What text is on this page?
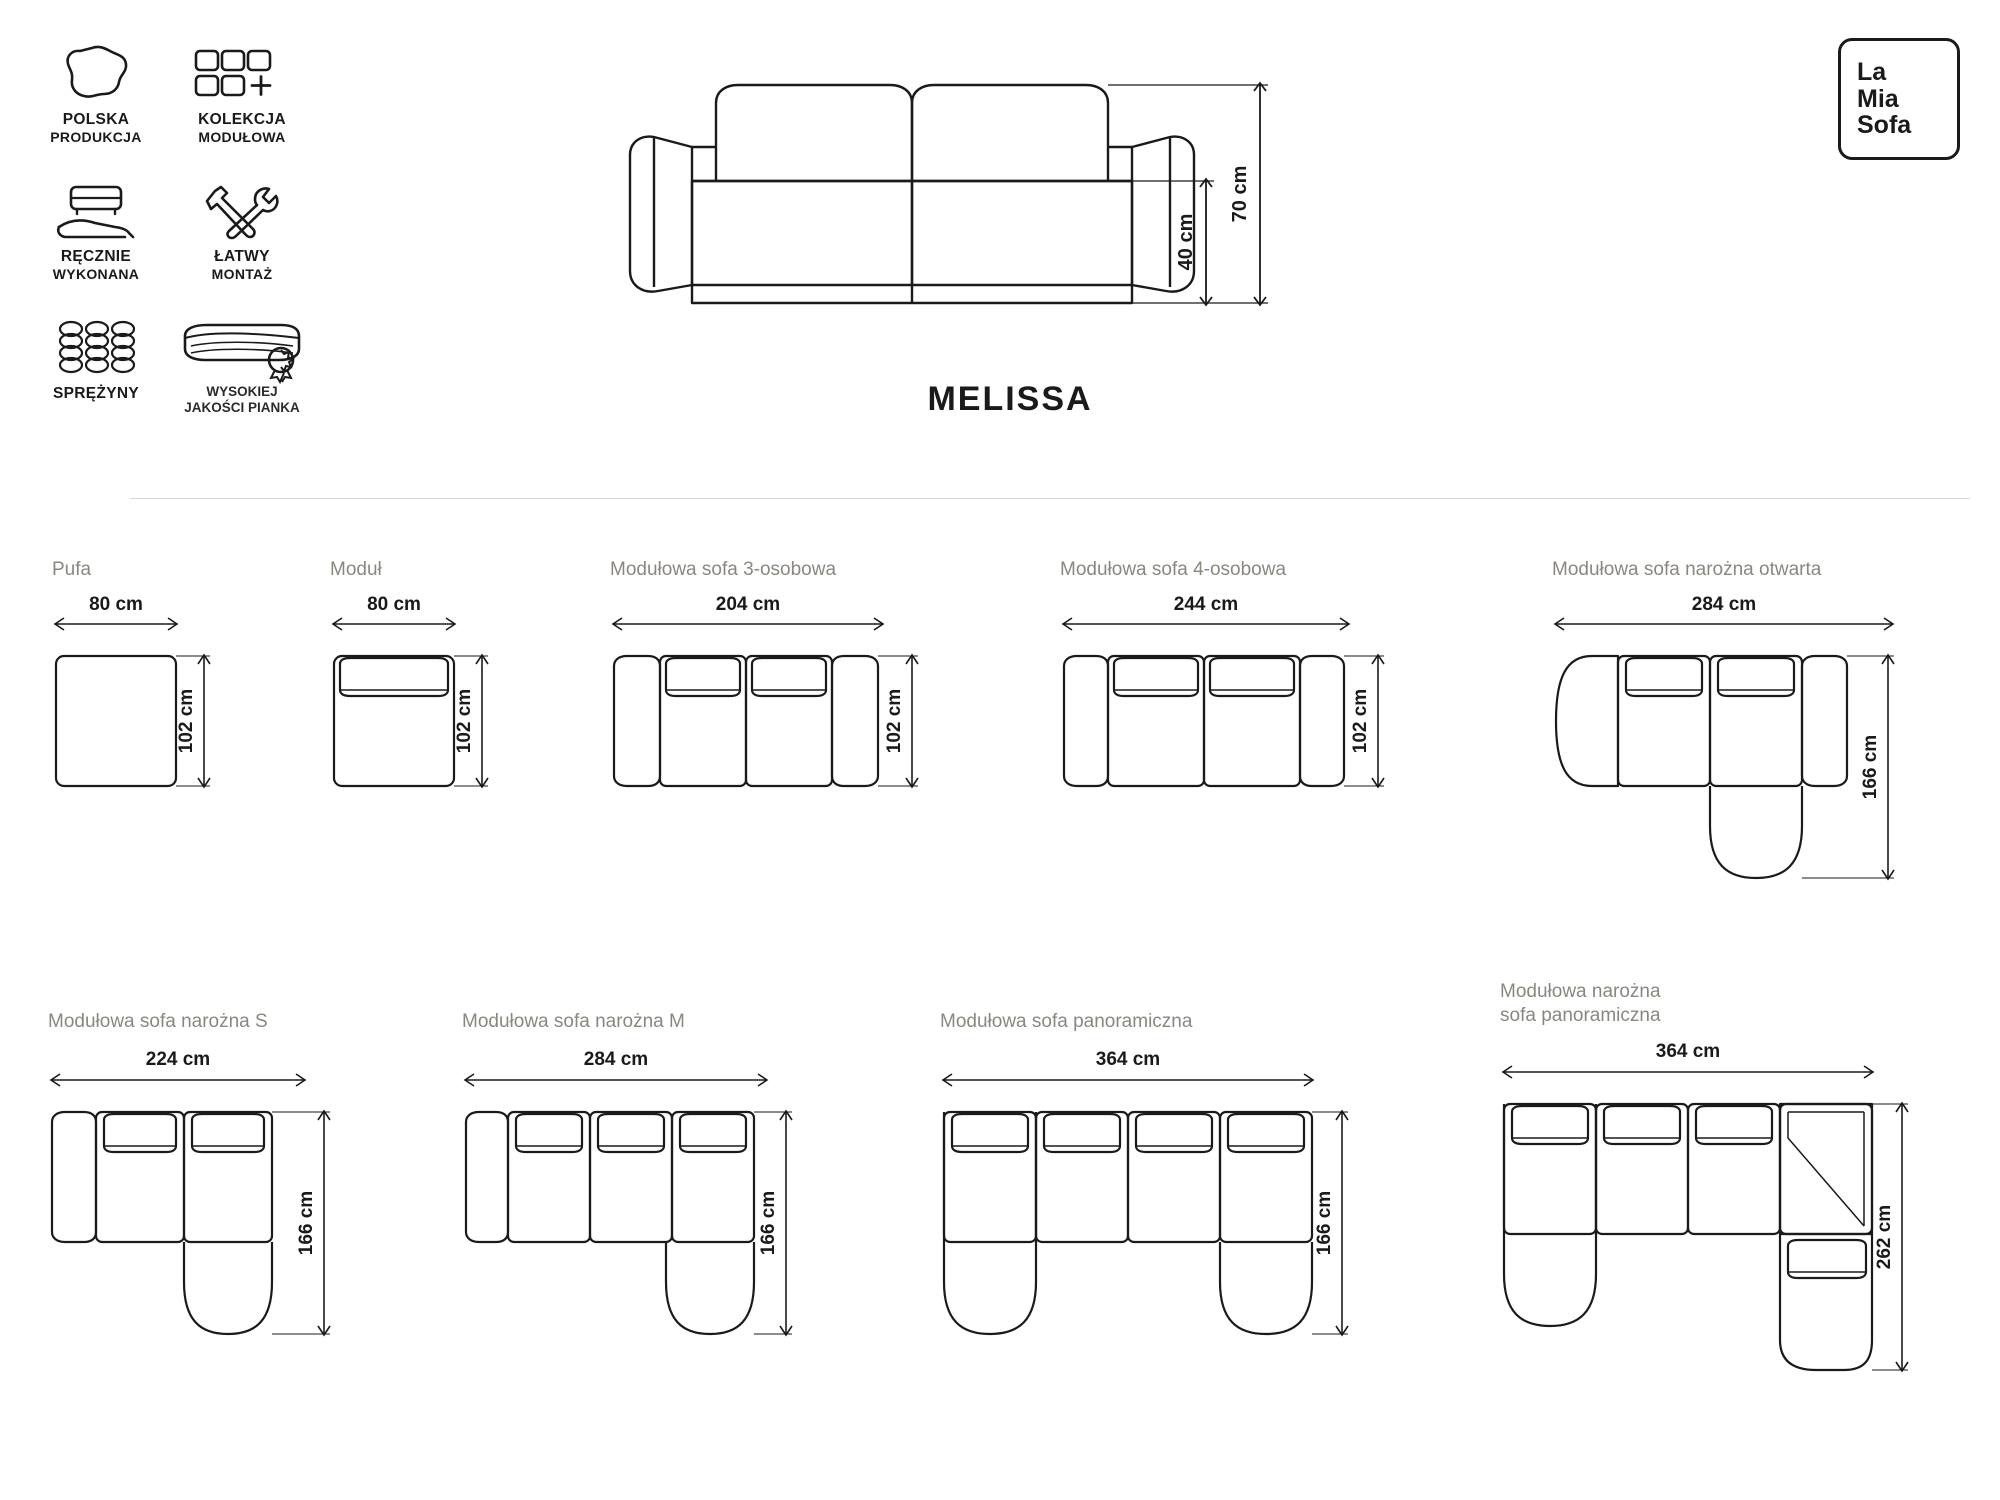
POLSKA
PRODUKCJA
KOLEKCJA
MODUŁOWA
RĘCZNIE
WYKONANA
ŁATWY
MONTAŻ
SPRĘŻYNY	WYSOKIEJ
JAKOŚCI PIANKA
La
Mia
Sofa
70 cm
40 cm
MELISSA
Pufa
80 cm
102 cm
Moduł
80 cm
102 cm
Modułowa sofa 3-osobowa
204 cm
102 cm
Modułowa sofa 4-osobowa
244 cm
102 cm
Modułowa sofa narożna otwarta
284 cm
166 cm
Modułowa sofa narożna S
224 cm
166 cm
Modułowa sofa narożna M
284 cm
166 cm
Modułowa sofa panoramiczna
364 cm
166 cm
Modułowa narożna
sofa panoramiczna
364 cm
262 cm
